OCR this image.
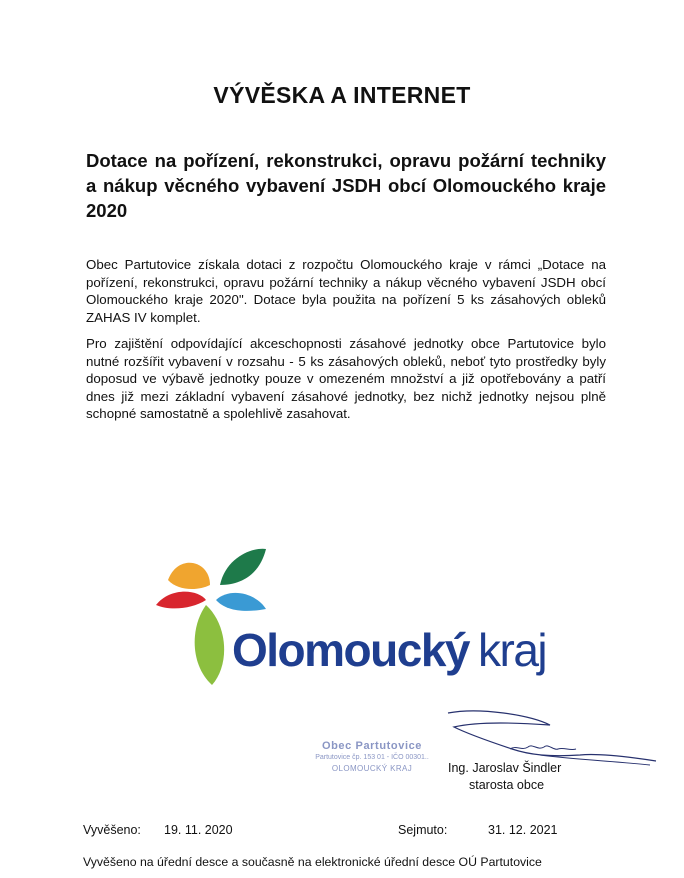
VÝVĚSKA A INTERNET
Dotace na pořízení, rekonstrukci, opravu požární techniky a nákup věcného vybavení JSDH obcí Olomouckého kraje 2020
Obec Partutovice získala dotaci z rozpočtu Olomouckého kraje v rámci „Dotace na pořízení, rekonstrukci, opravu požární techniky a nákup věcného vybavení JSDH obcí Olomouckého kraje 2020". Dotace byla použita na pořízení 5 ks zásahových obleků ZAHAS IV komplet.
Pro zajištění odpovídající akceschopnosti zásahové jednotky obce Partutovice bylo nutné rozšířit vybavení v rozsahu - 5 ks zásahových obleků, neboť tyto prostředky byly doposud ve výbavě jednotky pouze v omezeném množství a již opotřebovány a patří dnes již mezi základní vybavení zásahové jednotky, bez nichž jednotky nejsou plně schopné samostatně a spolehlivě zasahovat.
Olomoucký kraj
Obec Partutovice
Partutovice čp. 153 01 - IČO 00301..
OLOMOUCKÝ KRAJ	Ing. Jaroslav Šindler
starosta obce
Vyvěšeno: 19. 11. 2020	Sejmuto:	31. 12. 2021
Vyvěšeno na úřední desce a současně na elektronické úřední desce OÚ Partutovice
